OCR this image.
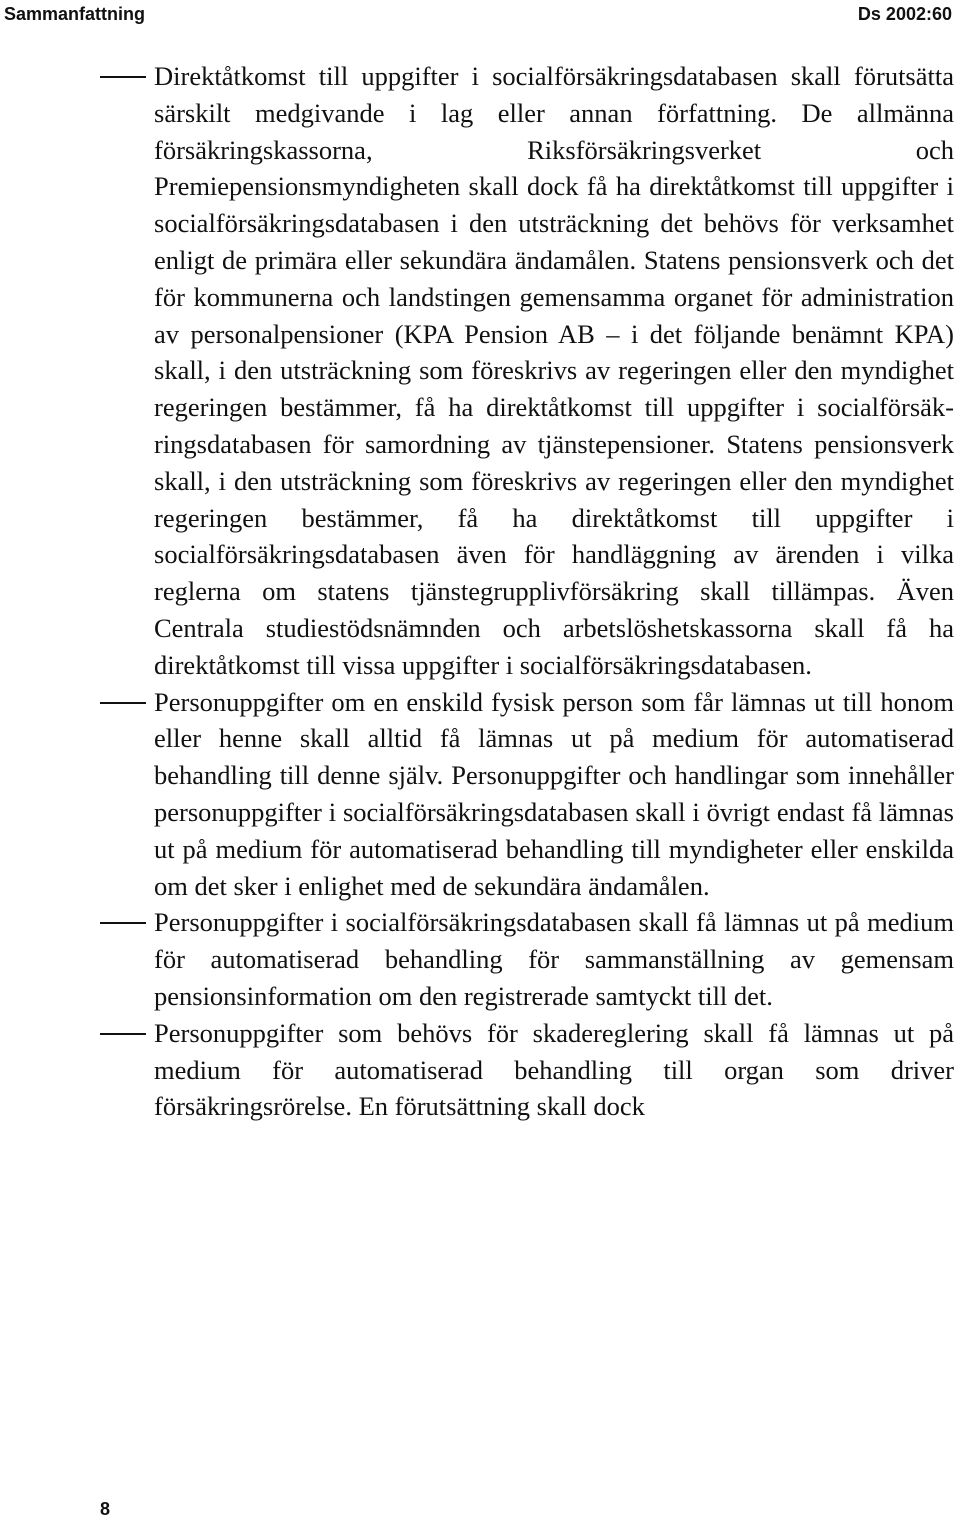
Sammanfattning	Ds 2002:60
Direktåtkomst till uppgifter i socialförsäkringsdatabasen skall förutsätta särskilt medgivande i lag eller annan författning. De allmänna försäkringskassorna, Riksförsäkringsverket och Premiepensionsmyndigheten skall dock få ha direktåtkomst till uppgifter i socialförsäkringsdatabasen i den utsträckning det behövs för verksamhet enligt de primära eller sekundära ändamålen. Statens pensionsverk och det för kommunerna och landstingen gemensamma organet för administration av personalpensioner (KPA Pension AB – i det följande benämnt KPA) skall, i den utsträckning som föreskrivs av regeringen eller den myndighet regeringen bestämmer, få ha direktåtkomst till uppgifter i socialförsäkringsdatabasen för samordning av tjänstepensioner. Statens pensionsverk skall, i den utsträckning som föreskrivs av regeringen eller den myndighet regeringen bestämmer, få ha direktåtkomst till uppgifter i socialförsäkringsdatabasen även för handläggning av ärenden i vilka reglerna om statens tjänstegrupplivförsäkring skall tillämpas. Även Centrala studiestödsnämnden och arbetslöshetskassorna skall få ha direktåtkomst till vissa uppgifter i socialförsäkringsdatabasen.
Personuppgifter om en enskild fysisk person som får lämnas ut till honom eller henne skall alltid få lämnas ut på medium för automatiserad behandling till denne själv. Personuppgifter och handlingar som innehåller personuppgifter i socialförsäkringsdatabasen skall i övrigt endast få lämnas ut på medium för automatiserad behandling till myndigheter eller enskilda om det sker i enlighet med de sekundära ändamålen.
Personuppgifter i socialförsäkringsdatabasen skall få lämnas ut på medium för automatiserad behandling för sammanställning av gemensam pensionsinformation om den registrerade samtyckt till det.
Personuppgifter som behövs för skadereglering skall få lämnas ut på medium för automatiserad behandling till organ som driver försäkringsrörelse. En förutsättning skall dock
8
